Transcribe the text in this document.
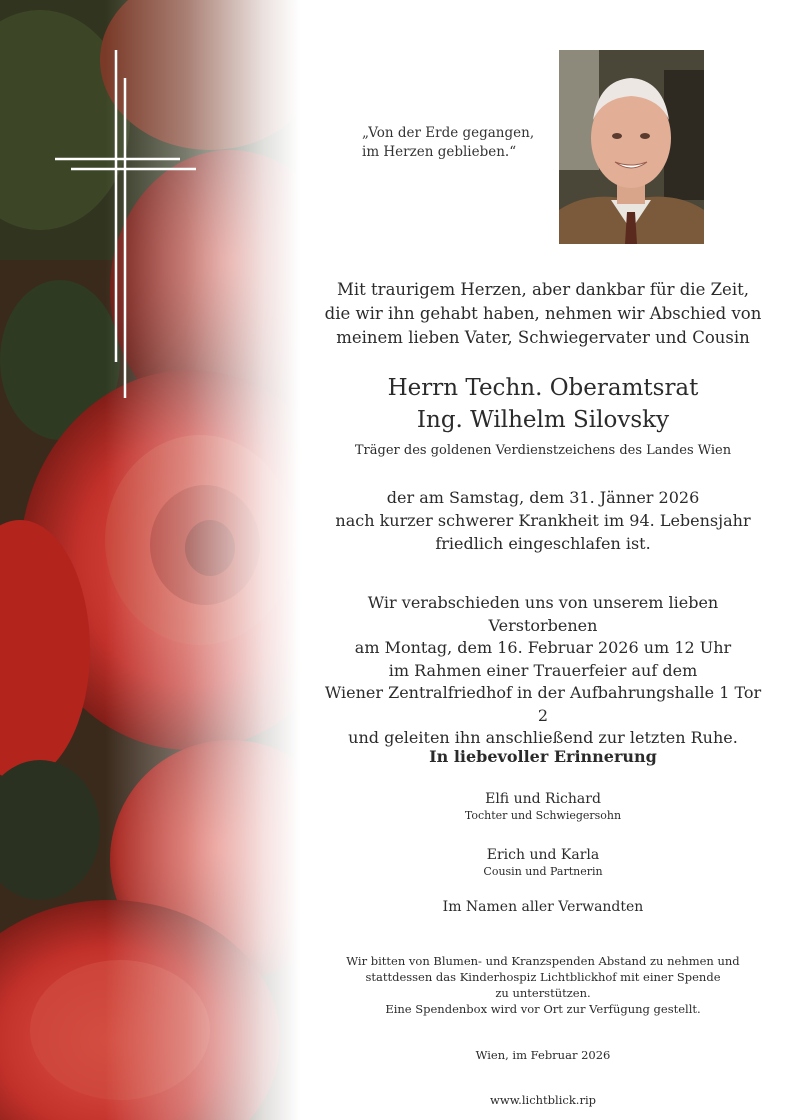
„Von der Erde gegangen,
im Herzen geblieben.“
Mit traurigem Herzen, aber dankbar für die Zeit,
die wir ihn gehabt haben, nehmen wir Abschied von
meinem lieben Vater, Schwiegervater und Cousin
Herrn Techn. Oberamtsrat
Ing. Wilhelm Silovsky
Träger des goldenen Verdienstzeichens des Landes Wien
der am Samstag, dem 31. Jänner 2026
nach kurzer schwerer Krankheit im 94. Lebensjahr
friedlich eingeschlafen ist.
Wir verabschieden uns von unserem lieben Verstorbenen
am Montag, dem 16. Februar 2026 um 12 Uhr
im Rahmen einer Trauerfeier auf dem
Wiener Zentralfriedhof in der Aufbahrungshalle 1 Tor 2
und geleiten ihn anschließend zur letzten Ruhe.
In liebevoller Erinnerung
Elfi und Richard
Tochter und Schwiegersohn
Erich und Karla
Cousin und Partnerin
Im Namen aller Verwandten
Wir bitten von Blumen- und Kranzspenden Abstand zu nehmen und
stattdessen das Kinderhospiz Lichtblickhof mit einer Spende
zu unterstützen.
Eine Spendenbox wird vor Ort zur Verfügung gestellt.
Wien, im Februar 2026
www.lichtblick.rip
